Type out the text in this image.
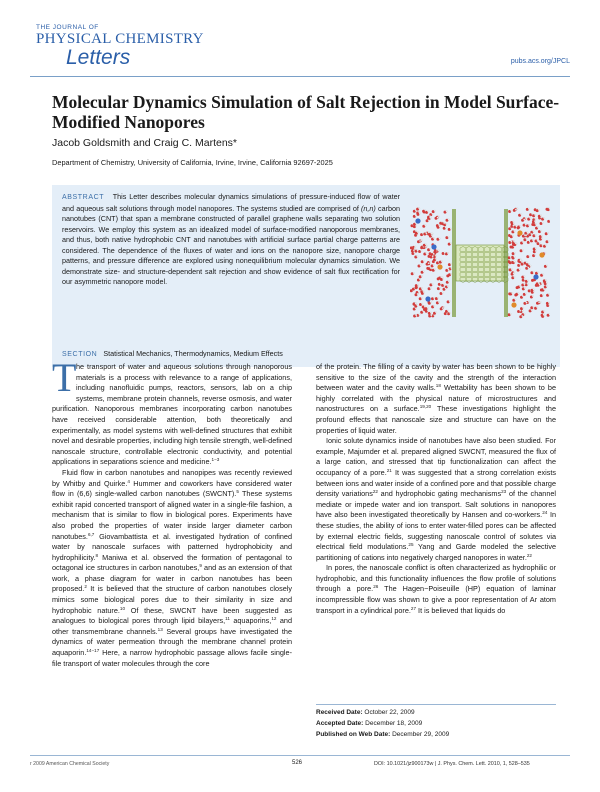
THE JOURNAL OF
PHYSICAL CHEMISTRY
Letters	pubs.acs.org/JPCL
Molecular Dynamics Simulation of Salt Rejection in Model Surface-Modified Nanopores
Jacob Goldsmith and Craig C. Martens*
Department of Chemistry, University of California, Irvine, Irvine, California 92697-2025
ABSTRACT This Letter describes molecular dynamics simulations of pressure-induced flow of water and aqueous salt solutions through model nanopores. The systems studied are comprised of (n,n) carbon nanotubes (CNT) that span a membrane constructed of parallel graphene walls separating two solution reservoirs. We employ this system as an idealized model of surface-modified nanoporous membranes, and thus, both native hydrophobic CNT and nanotubes with artificial surface partial charge patterns are considered. The dependence of the fluxes of water and ions on the nanopore size, nanopore charge patterns, and pressure difference are explored using nonequilibrium molecular dynamics simulation. We demonstrate size- and structure-dependent salt rejection and show evidence of salt flux rectification for our asymmetric nanopore model.
SECTION Statistical Mechanics, Thermodynamics, Medium Effects
T he transport of water and aqueous solutions through nanoporous materials is a process with relevance to a range of applications, including nanofluidic pumps, reactors, sensors, lab on a chip systems, membrane protein channels, reverse osmosis, and water purification. Nanoporous membranes incorporating carbon nanotubes have received considerable attention, both theoretically and experimentally, as model systems with well-defined structures that exhibit novel and desirable properties, including high tensile strength, well-defined nanoscale structure, controllable electronic conductivity, and potential applications in separations science and medicine.$^{1-3}$

Fluid flow in carbon nanotubes and nanopipes was recently reviewed by Whitby and Quirke.$^4$ Hummer and coworkers have considered water flow in (6,6) single-walled carbon nanotubes (SWCNT).$^5$ These systems exhibit rapid concerted transport of aligned water in a single-file fashion, a mechanism that is similar to flow in biological pores. Experiments have also probed the properties of water inside larger diameter carbon nanotubes.$^{6,7}$ Giovambattista et al. investigated hydration of confined water by nanoscale surfaces with patterned hydrophobicity and hydrophilicity.$^8$ Maniwa et al. observed the formation of pentagonal to octagonal ice structures in carbon nanotubes,$^9$ and as an extension of that work, a phase diagram for water in carbon nanotubes has been proposed.$^2$ It is believed that the structure of carbon nanotubes closely mimics some biological pores due to their similarity in size and hydrophobic nature.$^{10}$ Of these, SWCNT have been suggested as analogues to biological pores through lipid bilayers,$^{11}$ aquaporins,$^{12}$ and other transmembrane channels.$^{13}$ Several groups have investigated the dynamics of water permeation through the membrane channel protein aquaporin.$^{14-17}$ Here, a narrow hydrophobic passage allows facile single-file transport of water molecules through the core

of the protein. The filling of a cavity by water has been shown to be highly sensitive to the size of the cavity and the strength of the interaction between water and the cavity walls.$^{18}$ Wettability has been shown to be highly correlated with the physical nature of microstructures and nanostructures on a surface.$^{19,20}$ These investigations highlight the profound effects that nanoscale size and structure can have on the properties of liquid water.

Ionic solute dynamics inside of nanotubes have also been studied. For example, Majumder et al. prepared aligned SWCNT, measured the flux of a large cation, and stressed that tip functionalization can affect the occupancy of a pore.$^{21}$ It was suggested that a strong correlation exists between ions and water inside of a confined pore and that possible charge density variations$^{22}$ and hydrophobic gating mechanisms$^{23}$ of the channel mediate or impede water and ion transport. Salt solutions in nanopores have also been investigated theoretically by Hansen and co-workers.$^{24}$ In these studies, the ability of ions to enter water-filled pores can be affected by external electric fields, suggesting nanoscale control of solutes via electrical field modulations.$^{25}$ Yang and Garde modeled the selective partitioning of cations into negatively charged nanopores in water.$^{22}$

In pores, the nanoscale conflict is often characterized as hydrophilic or hydrophobic, and this functionality influences the flow profile of solutions through a pore.$^{26}$ The Hagen−Poiseuille (HP) equation of laminar incompressible flow was shown to give a poor representation of Ar atom transport in a cylindrical pore.$^{27}$ It is believed that liquids do

Received Date: October 22, 2009
Accepted Date: December 18, 2009
Published on Web Date: December 29, 2009
r 2009 American Chemical Society	526	DOI: 10.1021/jz900173w | J. Phys. Chem. Lett. 2010, 1, 528–535
